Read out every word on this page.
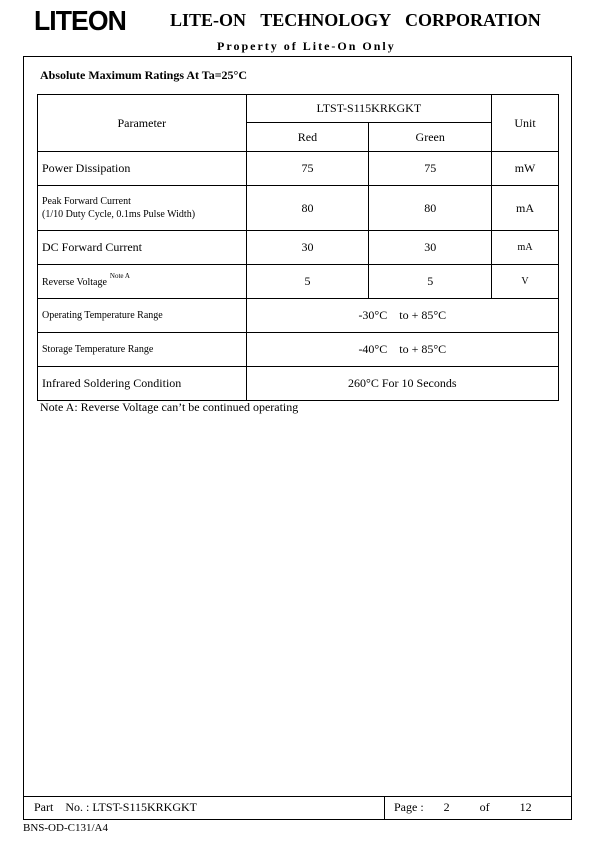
LITEON LITE-ON TECHNOLOGY CORPORATION
Property of Lite-On Only
Absolute Maximum Ratings At Ta=25°C
Parameter	LTST-S115KRKGKT		Unit
	Red	Green	
Power Dissipation	75	75	mW
Peak Forward Current
(1/10 Duty Cycle, 0.1ms Pulse Width)	80	80	mA
DC Forward Current	30	30	mA
Reverse Voltage $^{Note A}$	5	5	V
Operating Temperature Range	-30°C    to + 85°C		
Storage Temperature Range	-40°C    to + 85°C		
Infrared Soldering Condition	260°C For 10 Seconds		
Note A: Reverse Voltage can’t be continued operating
Part    No. : LTST-S115KRKGKT	Page : 2	of	12
BNS-OD-C131/A4
